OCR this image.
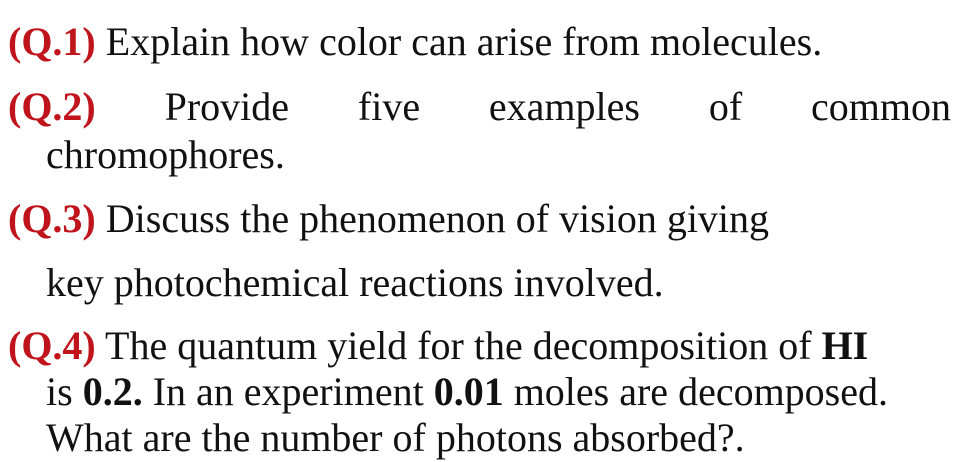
(Q.1) Explain how color can arise from molecules.
(Q.2) Provide five examples of common
chromophores.
(Q.3) Discuss the phenomenon of vision giving
key photochemical reactions involved.
(Q.4) The quantum yield for the decomposition of HI
is 0.2. In an experiment 0.01 moles are decomposed.
What are the number of photons absorbed?.
